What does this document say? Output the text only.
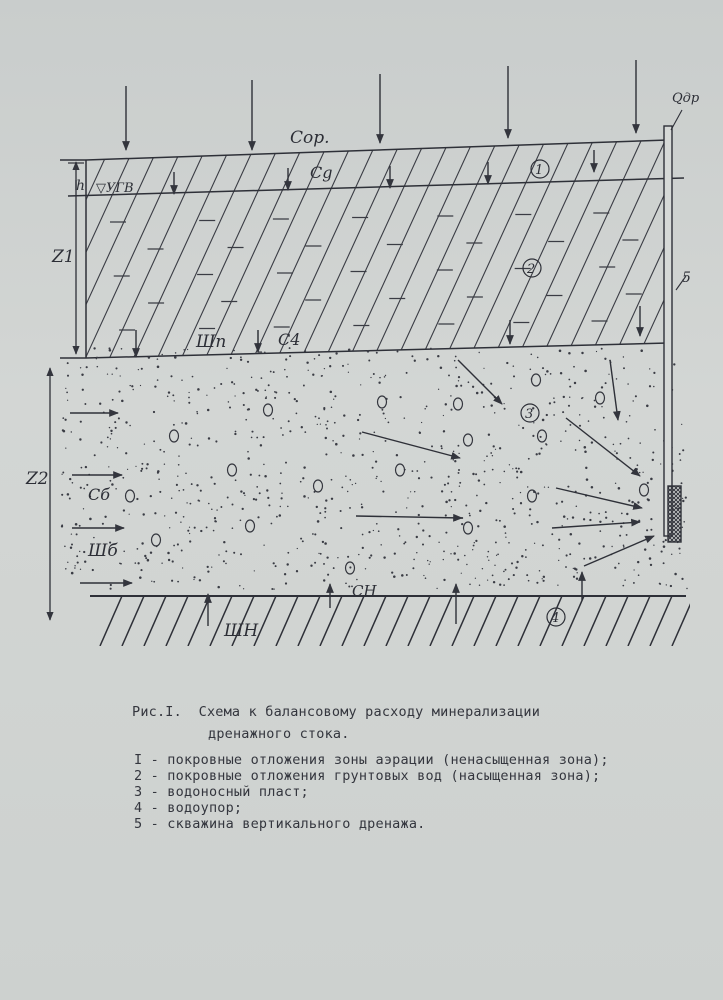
Cop.
Cg
C4
Cб
CH
Шп
Шб
ШH
Qдр
h ▽УГВ
Z1
Z2
1
2
3
4
5
Рис.I.  Схема к балансовому расходу минерализации
дренажного стока.
I - покровные отложения зоны аэрации (ненасыщенная зона);
2 - покровные отложения грунтовых вод (насыщенная зона);
3 - водоносный пласт;
4 - водоупор;
5 - скважина вертикального дренажа.
